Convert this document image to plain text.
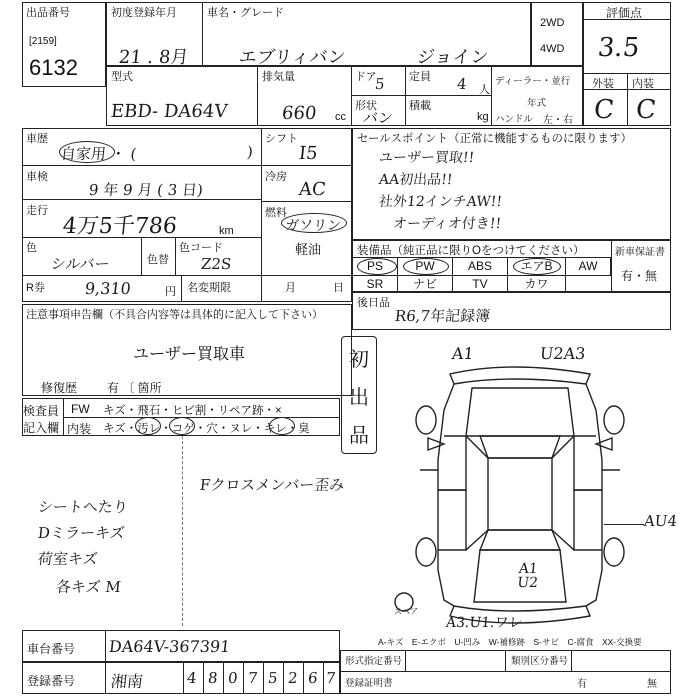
出品番号
[2159]
6132
初度登録年月	車名・グレード
21 . 8月	エブリィバン	ジョイン
2WD
4WD
評価点
3.5
外装 内装
C C
型式
EBD- DA64V
排気量
660 cc
ドア
5 定員 4 人
形状
バン
積載
kg
ディーラー・並行
年式
ハンドル 左・右
車歴
自家用 ・ (	)
シフト
I5
車検
9 年 9 月 ( 3 日)
冷房
AC
走行
4万5千786	km
燃料
ガソリン
軽油
色
シルバー	色替
色コード
Z2S
R券 9,310	円 名変期限	月	日
セールスポイント（正常に機能するものに限ります）
ユーザー買取!!
AA初出品!!
社外12インチAW!!
オーディオ付き!!
装備品（純正品に限りOをつけてください）
PS	PW	ABS	エアB	AW
SR	ナビ	TV	カワ
新車保証書
有・無
後日品
R6,7年記録簿
注意事項申告欄（不具合内容等は具体的に記入して下さい）
ユーザー買取車
修復歴 有 〔 箇所
初
出
品
検査員
記入欄
FW キズ・飛石・ヒビ割・リペア跡・×
内装 キズ・汚レ・コゲ・穴・ヌレ・キレ・臭
Fクロスメンバー歪み
シートへたり
Dミラーキズ
荷室キズ
各キズ M
A1	U2A3
AU4
A1
U2
A3.U1.ワレ
スペア
A-キズ　E-エクボ　U-凹み　W-補修跡　S-サビ　C-腐食　XX-交換要
車台番号 DA64V-367391
登録番号 湘南	4 8 0 7 5 2 6 7
形式指定番号	類別区分番号
登録証明書	有	無
